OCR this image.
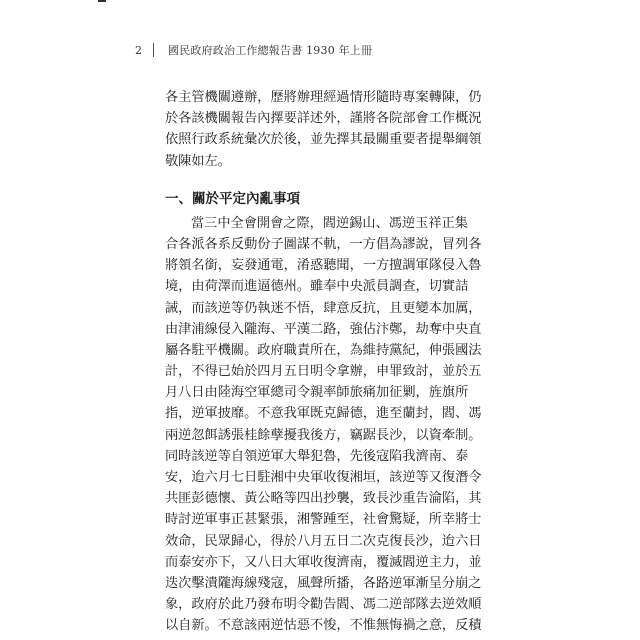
2	國民政府政治工作總報告書 1930 年上冊
各主管機關遵辦，歷將辦理經過情形隨時專案轉陳，仍
於各該機關報告內擇要詳述外，謹將各院部會工作概況
依照行政系統彙次於後，並先擇其最關重要者提舉綱領
敬陳如左。
一、關於平定內亂事項
當三中全會開會之際，閻逆錫山、馮逆玉祥正集
合各派各系反動份子圖謀不軌，一方倡為謬說，冒列各
將領名銜，妄發通電，淆惑聽聞，一方擅調軍隊侵入魯
境，由荷澤而進逼德州。雖奉中央派員調查，切實詰
誡，而該逆等仍執迷不悟，肆意反抗，且更變本加厲，
由津浦線侵入隴海、平漢二路，強佔汴鄭，劫奪中央直
屬各駐平機關。政府職責所在，為維持黨紀，伸張國法
計，不得已始於四月五日明令拿辦，申罪致討，並於五
月八日由陸海空軍總司令親率師旅痛加征剿，旌旗所
指，逆軍披靡。不意我軍既克歸德，進至蘭封，閻、馮
兩逆忽餌誘張桂餘孽擾我後方，竊踞長沙，以資牽制。
同時該逆等自領逆軍大舉犯魯，先後寇陷我濟南、泰
安，迨六月七日駐湘中央軍收復湘垣，該逆等又復潛令
共匪彭德懷、黃公略等四出抄襲，致長沙重告淪陷，其
時討逆軍事正甚緊張，湘警踵至，社會驚疑，所幸將士
效命，民眾歸心，得於八月五日二次克復長沙，迨六日
而泰安亦下，又八日大軍收復濟南，覆滅閻逆主力，並
迭次擊潰隴海線殘寇，風聲所播，各路逆軍漸呈分崩之
象，政府於此乃發布明令勸告閻、馮二逆部隊去逆效順
以自新。不意該兩逆怙惡不悛，不惟無悔禍之意，反積
